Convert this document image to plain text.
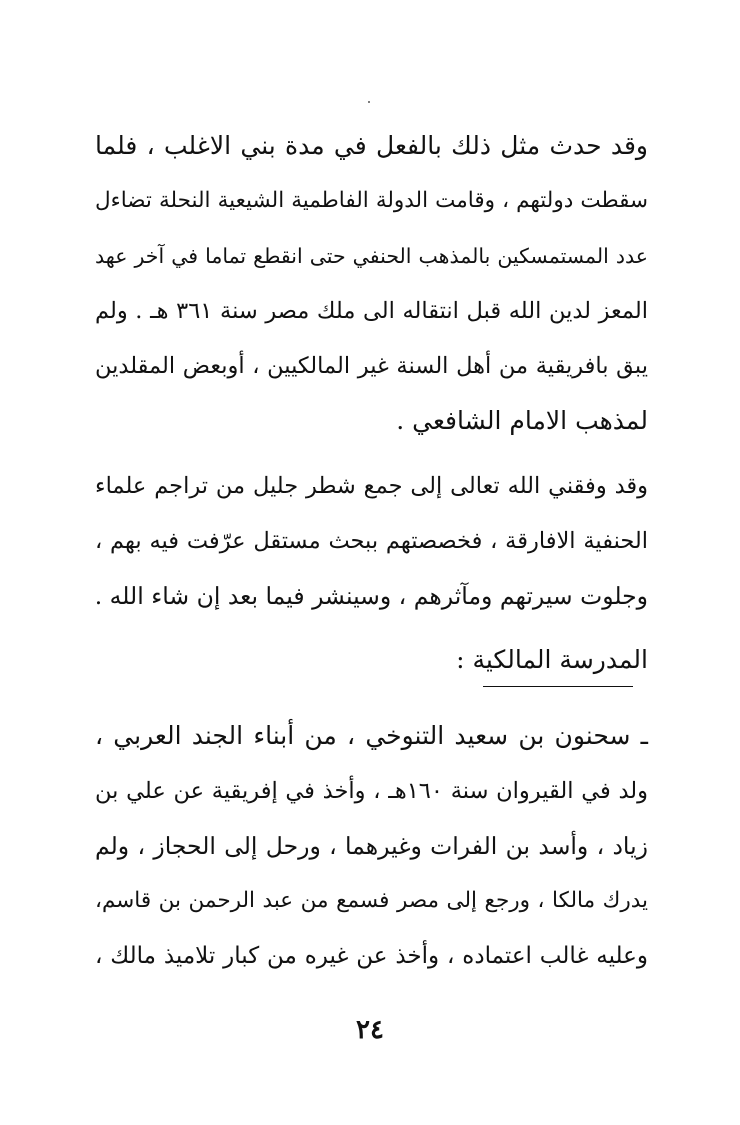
وقد حدث مثل ذلك بالفعل في مدة بني الاغلب ، فلما
سقطت دولتهم ، وقامت الدولة الفاطمية الشيعية النحلة تضاءل
عدد المستمسكين بالمذهب الحنفي حتى انقطع تماما في آخر عهد
المعز لدين الله قبل انتقاله الى ملك مصر سنة ٣٦١ هـ . ولم
يبق بافريقية من أهل السنة غير المالكيين ، أوبعض المقلدين
لمذهب الامام الشافعي .
وقد وفقني الله تعالى إلى جمع شطر جليل من تراجم علماء
الحنفية الافارقة ، فخصصتهم ببحث مستقل عرّفت فيه بهم ،
وجلوت سيرتهم ومآثرهم ، وسينشر فيما بعد إن شاء الله .
المدرسة المالكية :
ـ سحنون بن سعيد التنوخي ، من أبناء الجند العربي ،
ولد في القيروان سنة ١٦٠هـ ، وأخذ في إفريقية عن علي بن
زياد ، وأسد بن الفرات وغيرهما ، ورحل إلى الحجاز ، ولم
يدرك مالكا ، ورجع إلى مصر فسمع من عبد الرحمن بن قاسم،
وعليه غالب اعتماده ، وأخذ عن غيره من كبار تلاميذ مالك ،
٢٤
